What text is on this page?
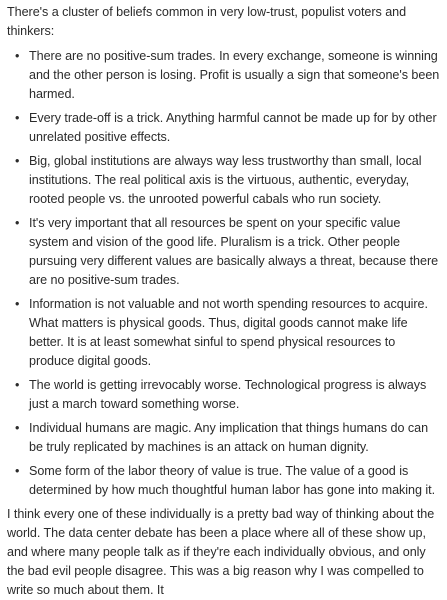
There's a cluster of beliefs common in very low-trust, populist voters and thinkers:

• There are no positive-sum trades. In every exchange, someone is winning and the other person is losing. Profit is usually a sign that someone's been harmed.
• Every trade-off is a trick. Anything harmful cannot be made up for by other unrelated positive effects.
• Big, global institutions are always way less trustworthy than small, local institutions. The real political axis is the virtuous, authentic, everyday, rooted people vs. the unrooted powerful cabals who run society.
• It's very important that all resources be spent on your specific value system and vision of the good life. Pluralism is a trick. Other people pursuing very different values are basically always a threat, because there are no positive-sum trades.
• Information is not valuable and not worth spending resources to acquire. What matters is physical goods. Thus, digital goods cannot make life better. It is at least somewhat sinful to spend physical resources to produce digital goods.
• The world is getting irrevocably worse. Technological progress is always just a march toward something worse.
• Individual humans are magic. Any implication that things humans do can be truly replicated by machines is an attack on human dignity.
• Some form of the labor theory of value is true. The value of a good is determined by how much thoughtful human labor has gone into making it.

I think every one of these individually is a pretty bad way of thinking about the world. The data center debate has been a place where all of these show up, and where many people talk as if they're each individually obvious, and only the bad evil people disagree. This was a big reason why I was compelled to write so much about them. It
